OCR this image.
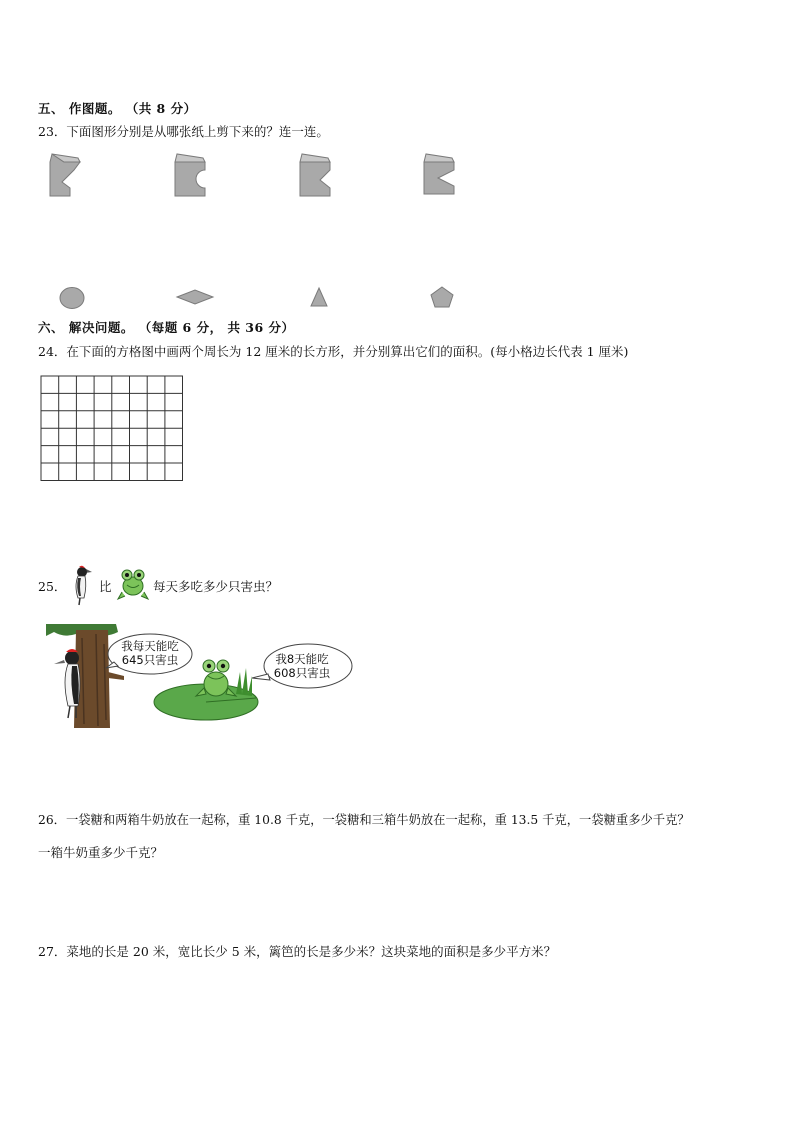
五、 作图题。 （共 8 分）
23．下面图形分别是从哪张纸上剪下来的？连一连。
六、 解决问题。 （每题 6 分， 共 36 分）
24．在下面的方格图中画两个周长为 12 厘米的长方形，并分别算出它们的面积。(每小格边长代表 1 厘米)
25．	比	每天多吃多少只害虫？
我每天能吃
645只害虫	我8天能吃
608只害虫
26．一袋糖和两箱牛奶放在一起称，重 10.8 千克，一袋糖和三箱牛奶放在一起称，重 13.5 千克，一袋糖重多少千克？
一箱牛奶重多少千克？
27．菜地的长是 20 米，宽比长少 5 米，篱笆的长是多少米？这块菜地的面积是多少平方米？
